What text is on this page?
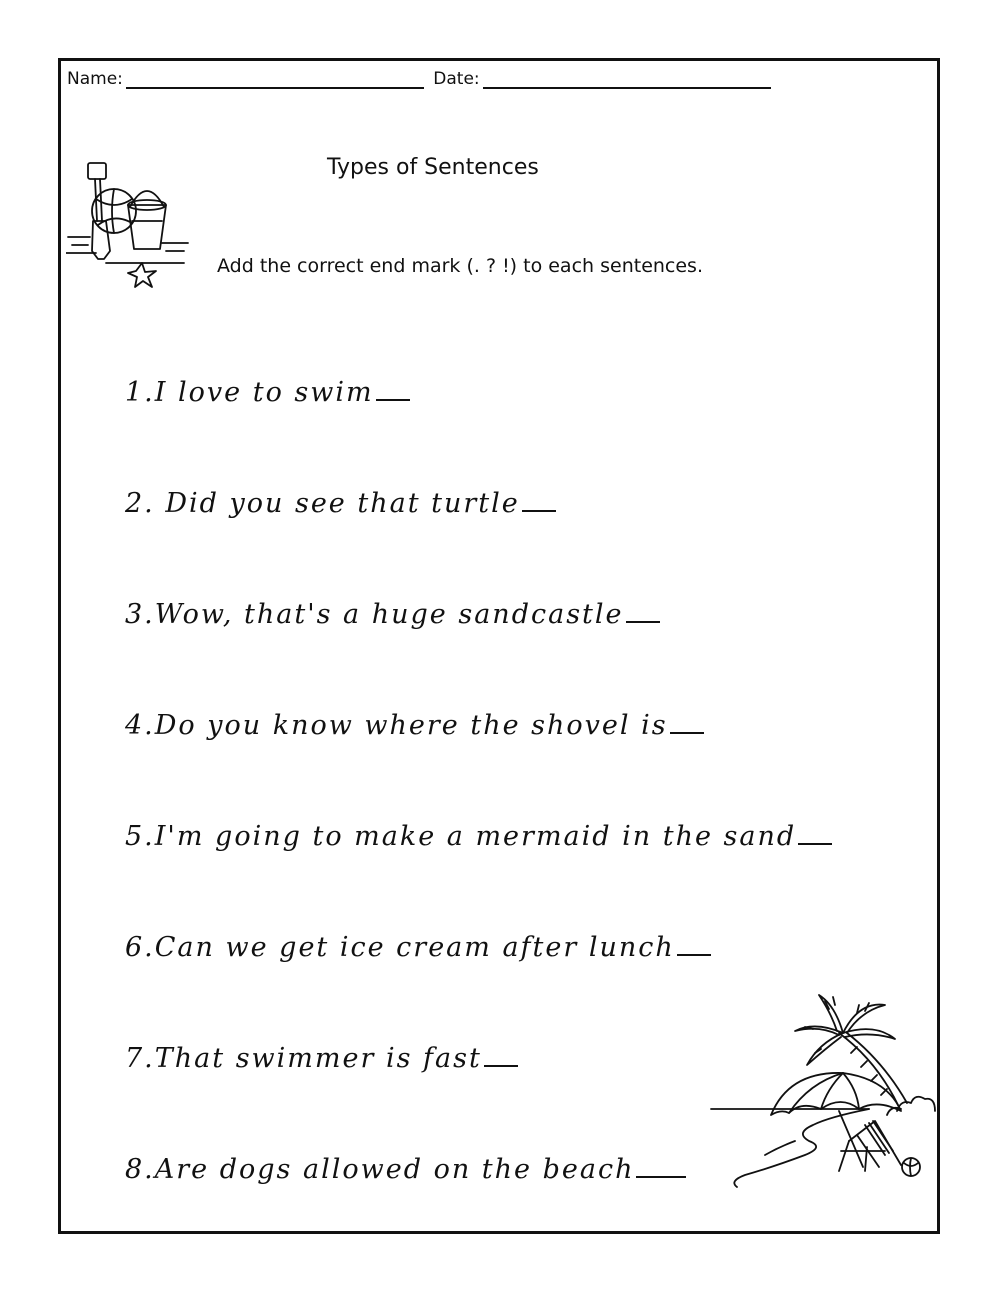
Name:	Date:
Types of Sentences
Add the correct end mark (. ? !) to each sentences.
1.I love to swim
2. Did you see that turtle
3.Wow, that's a huge sandcastle
4.Do you know where the shovel is
5.I'm going to make a mermaid in the sand
6.Can we get ice cream after lunch
7.That swimmer is fast
8.Are dogs allowed on the beach
